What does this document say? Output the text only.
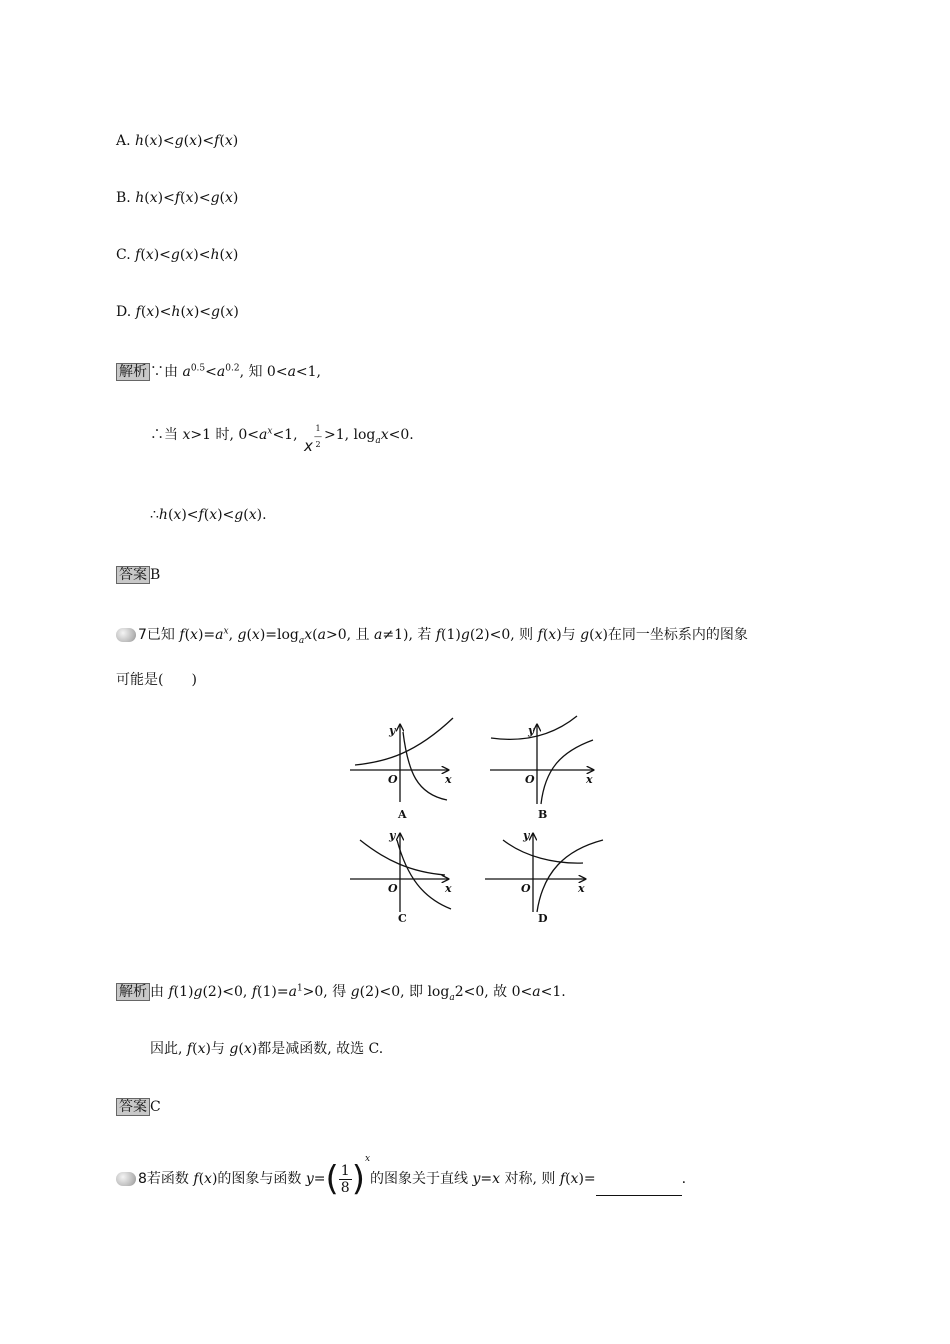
A. h(x)<g(x)<f(x)
B. h(x)<f(x)<g(x)
C. f(x)<g(x)<h(x)
D. f(x)<h(x)<g(x)
解析 ∵由 $a^{0.5}<a^{0.2}$, 知 0<a<1,
∴当 x>1 时, $0<a^x<1$,
x
1
—
2
>1, $\log_ax<0$.
∴h(x)<f(x)<g(x).
答案 B
7已知 $f(x)=a^x$, $g(x)=\log_ax(a>0$, 且 a≠1), 若 f(1)g(2)<0, 则 f(x)与 g(x)在同一坐标系内的图象
可能是(　　)
y
x
O
A
y
x
O
B
y
x
O
C
y
x
O
D
解析 由 f(1)g(2)<0, $f(1)=a^1>0$, 得 g(2)<0, 即 $\log_a2<0$, 故 0<a<1.
因此, f(x)与 g(x)都是减函数, 故选 C.
答案 C
8若函数 f(x)的图象与函数 $y=( \frac{1}{8} )^x$的图象关于直线 y=x 对称, 则 f(x)=	.
